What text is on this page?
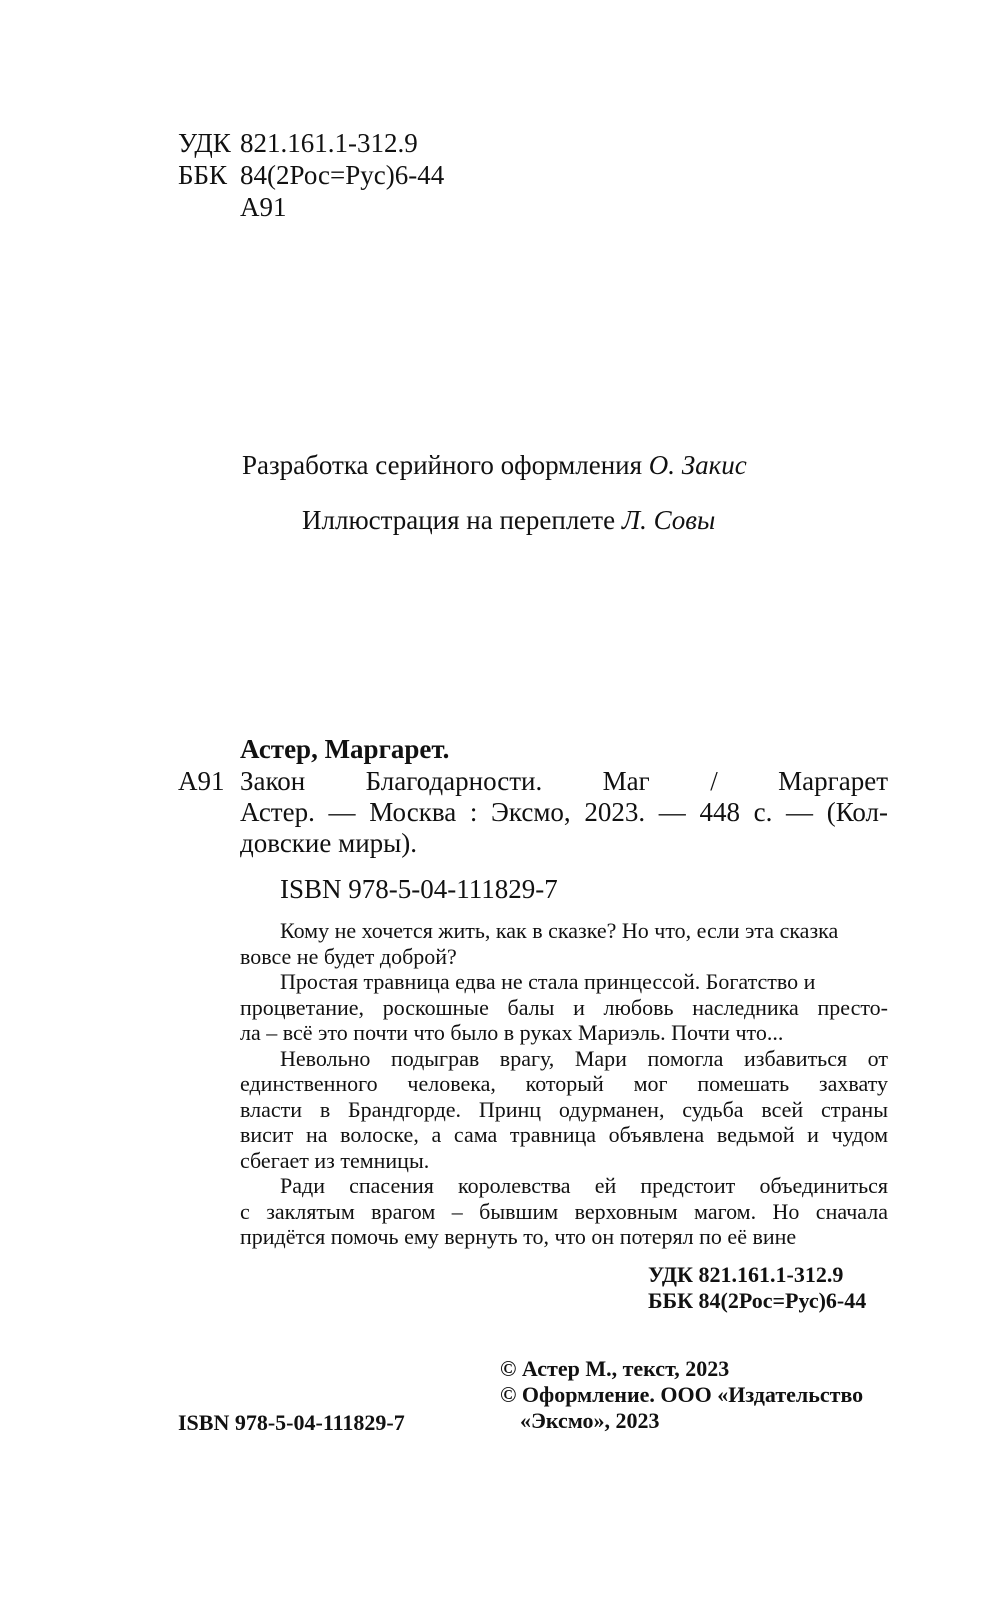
УДК 821.161.1-312.9
ББК 84(2Рос=Рус)6-44
А91
Разработка серийного оформления О. Закис
Иллюстрация на переплете Л. Совы
Астер, Маргарет.
А91 Закон Благодарности. Маг / Маргарет
Астер. — Москва : Эксмо, 2023. — 448 с. — (Кол-
довские миры).
ISBN 978-5-04-111829-7
Кому не хочется жить, как в сказке? Но что, если эта сказка
вовсе не будет доброй?
Простая травница едва не стала принцессой. Богатство и
процветание, роскошные балы и любовь наследника престо-
ла – всё это почти что было в руках Мариэль. Почти что...
Невольно подыграв врагу, Мари помогла избавиться от
единственного человека, который мог помешать захвату
власти в Брандгорде. Принц одурманен, судьба всей страны
висит на волоске, а сама травница объявлена ведьмой и чудом
сбегает из темницы.
Ради спасения королевства ей предстоит объединиться
с заклятым врагом – бывшим верховным магом. Но сначала
придётся помочь ему вернуть то, что он потерял по её вине
УДК 821.161.1-312.9
ББК 84(2Рос=Рус)6-44
ISBN 978-5-04-111829-7
© Астер М., текст, 2023
© Оформление. ООО «Издательство
«Эксмо», 2023
